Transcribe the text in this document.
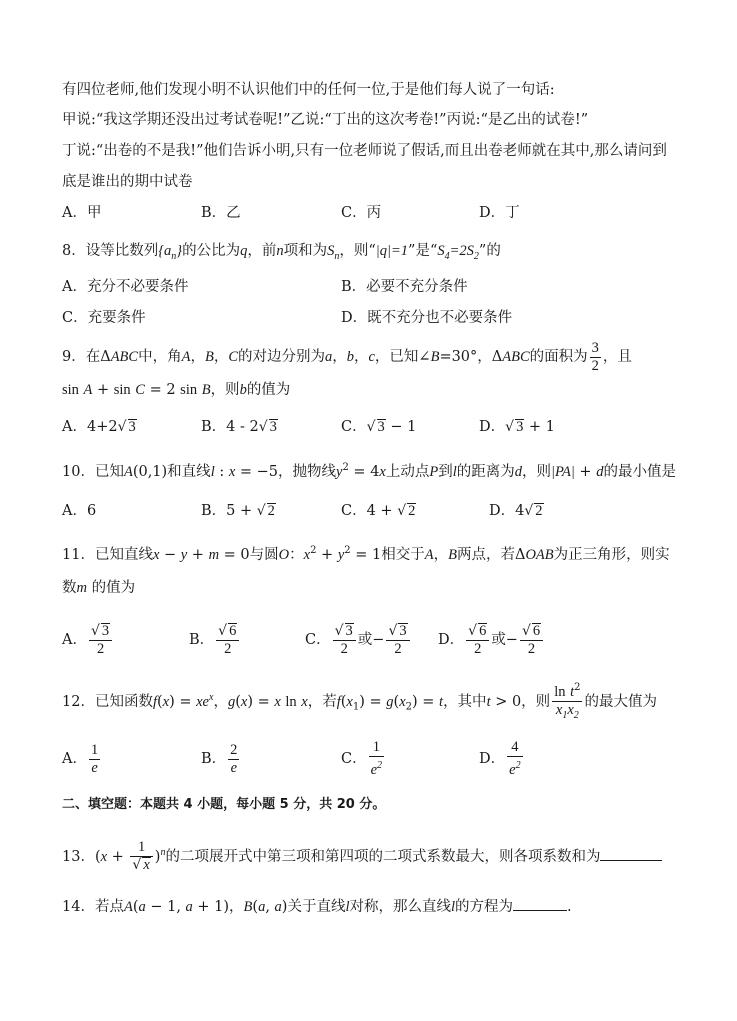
有四位老师,他们发现小明不认识他们中的任何一位,于是他们每人说了一句话:
甲说:“我这学期还没出过考试卷呢!”乙说:“丁出的这次考卷!”丙说:“是乙出的试卷!”
丁说:“出卷的不是我!”他们告诉小明,只有一位老师说了假话,而且出卷老师就在其中,那么请问到
底是谁出的期中试卷
A．甲	B．乙	C．丙	D．丁
8．设等比数列$\{a_n\}$的公比为q，前n项和为$S_n$，则“|q|=1”是“$S_4=2S_2$”的
A．充分不必要条件	B．必要不充分条件
C．充要条件	D．既不充分也不必要条件
9．在ΔABC中，角A，B，C的对边分别为a，b，c，已知∠B=30°，ΔABC的面积为 $\frac{3}{2}$ ，且
sin A + sin C = 2 sin B，则b的值为
A．4+2√ 3	B．4 - 2√ 3	C．√ 3 − 1	D．√ 3 + 1
10．已知A(0,1)和直线l : x = −5，抛物线$y^2 = 4x$上动点P到l的距离为d，则|PA| + d的最小值是
A．6	B．5 + √ 2	C．4 + √ 2	D．4√ 2
11．已知直线x − y + m = 0与圆O：$x^2 + y^2 = 1$相交于A，B两点，若ΔOAB为正三角形，则实
数m 的值为
A． $\frac{√ 3}{2}$	B． $\frac{√ 6}{2}$	C． $\frac{√ 3}{2}$ 或− $\frac{√ 3}{2}$ D． $\frac{√ 6}{2}$ 或− $\frac{√ 6}{2}$
12．已知函数$f(x) = xe^x$，g(x) = x ln x，若$f(x_1) = g(x_2) = t$，其中t > 0，则 $\frac{\ln t^2}{x_1x_2}$ 的最大值为
A． $\frac{1}{e}$	B． $\frac{2}{e}$	C． $\frac{1}{e^2}$	D． $\frac{4}{e^2}$
二、填空题：本题共 4 小题，每小题 5 分，共 20 分。
13．$(x + \frac{1}{√ x} )^n$的二项展开式中第三项和第四项的二项式系数最大，则各项系数和为
14．若点A(a − 1, a + 1)，B(a, a)关于直线l对称，那么直线l的方程为	.
